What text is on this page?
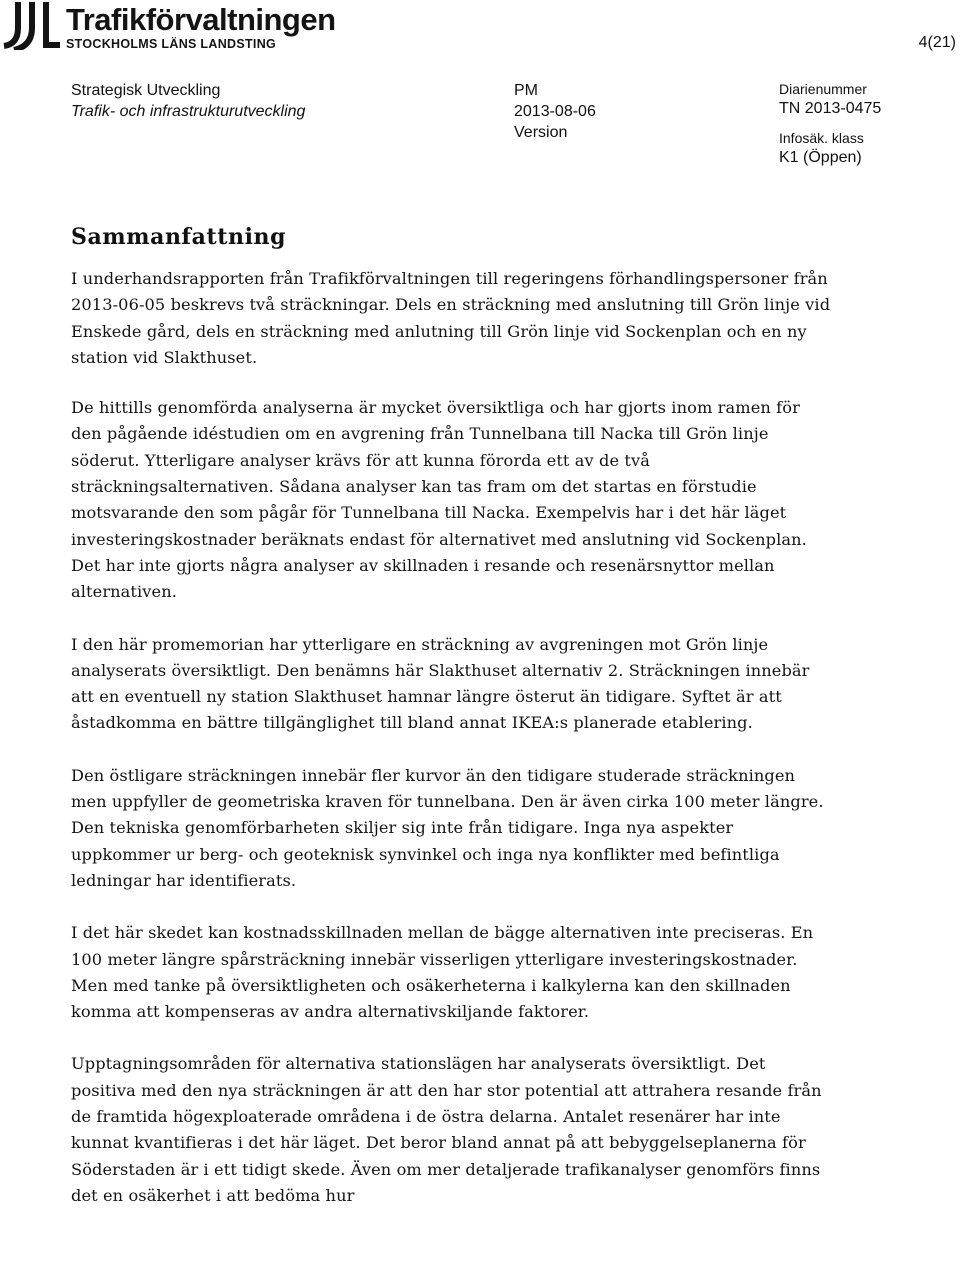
Trafikförvaltningen
STOCKHOLMS LÄNS LANDSTING	4(21)
Strategisk Utveckling
Trafik- och infrastrukturutveckling
PM
2013-08-06
Version
Diarienummer
TN 2013-0475
Infosäk. klass
K1 (Öppen)
Sammanfattning

I underhandsrapporten från Trafikförvaltningen till regeringens förhandlingspersoner från 2013-06-05 beskrevs två sträckningar. Dels en sträckning med anslutning till Grön linje vid Enskede gård, dels en sträckning med anlutning till Grön linje vid Sockenplan och en ny station vid Slakthuset.

De hittills genomförda analyserna är mycket översiktliga och har gjorts inom ramen för den pågående idéstudien om en avgrening från Tunnelbana till Nacka till Grön linje söderut. Ytterligare analyser krävs för att kunna förorda ett av de två sträckningsalternativen. Sådana analyser kan tas fram om det startas en förstudie motsvarande den som pågår för Tunnelbana till Nacka. Exempelvis har i det här läget investeringskostnader beräknats endast för alternativet med anslutning vid Sockenplan. Det har inte gjorts några analyser av skillnaden i resande och resenärsnyttor mellan alternativen.

I den här promemorian har ytterligare en sträckning av avgreningen mot Grön linje analyserats översiktligt. Den benämns här Slakthuset alternativ 2. Sträckningen innebär att en eventuell ny station Slakthuset hamnar längre österut än tidigare. Syftet är att åstadkomma en bättre tillgänglighet till bland annat IKEA:s planerade etablering.

Den östligare sträckningen innebär fler kurvor än den tidigare studerade sträckningen men uppfyller de geometriska kraven för tunnelbana. Den är även cirka 100 meter längre. Den tekniska genomförbarheten skiljer sig inte från tidigare. Inga nya aspekter uppkommer ur berg- och geoteknisk synvinkel och inga nya konflikter med befintliga ledningar har identifierats.

I det här skedet kan kostnadsskillnaden mellan de bägge alternativen inte preciseras. En 100 meter längre spårsträckning innebär visserligen ytterligare investeringskostnader. Men med tanke på översiktligheten och osäkerheterna i kalkylerna kan den skillnaden komma att kompenseras av andra alternativskiljande faktorer.

Upptagningsområden för alternativa stationslägen har analyserats översiktligt. Det positiva med den nya sträckningen är att den har stor potential att attrahera resande från de framtida högexploaterade områdena i de östra delarna. Antalet resenärer har inte kunnat kvantifieras i det här läget. Det beror bland annat på att bebyggelseplanerna för Söderstaden är i ett tidigt skede. Även om mer detaljerade trafikanalyser genomförs finns det en osäkerhet i att bedöma hur
